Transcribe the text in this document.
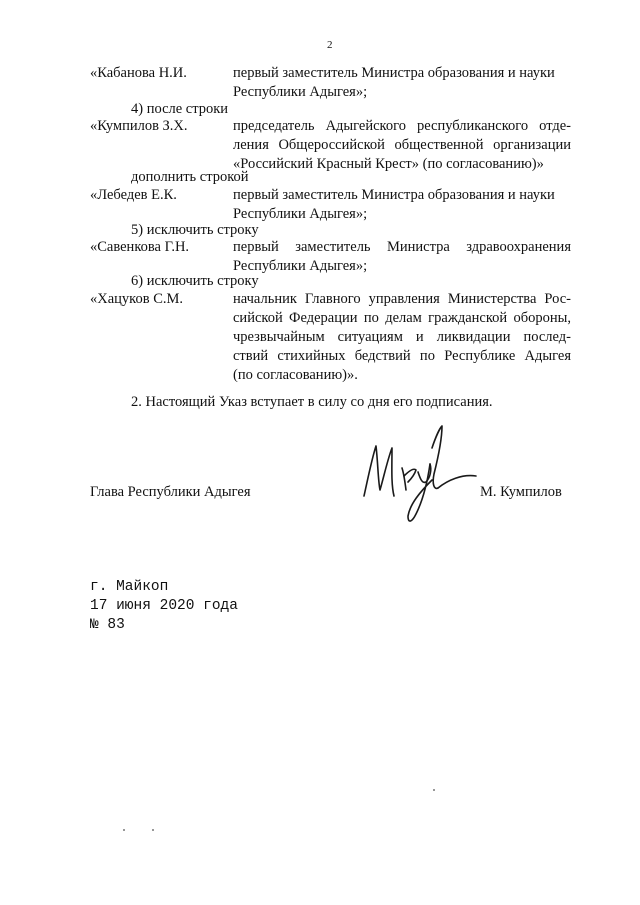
2
«Кабанова Н.И.	первый заместитель Министра образования и науки
Республики Адыгея»;
4) после строки
«Кумпилов З.Х.	председатель Адыгейского республиканского отде-
ления Общероссийской общественной организации
«Российский Красный Крест» (по согласованию)»
дополнить строкой
«Лебедев Е.К.	первый заместитель Министра образования и науки
Республики Адыгея»;
5) исключить строку
«Савенкова Г.Н.	первый заместитель Министра здравоохранения
Республики Адыгея»;
6) исключить строку
«Хацуков С.М.	начальник Главного управления Министерства Рос-
сийской Федерации по делам гражданской обороны,
чрезвычайным ситуациям и ликвидации послед-
ствий стихийных бедствий по Республике Адыгея
(по согласованию)».
2. Настоящий Указ вступает в силу со дня его подписания.
Глава Республики Адыгея	М. Кумпилов
г. Майкоп
17 июня 2020 года
№ 83
